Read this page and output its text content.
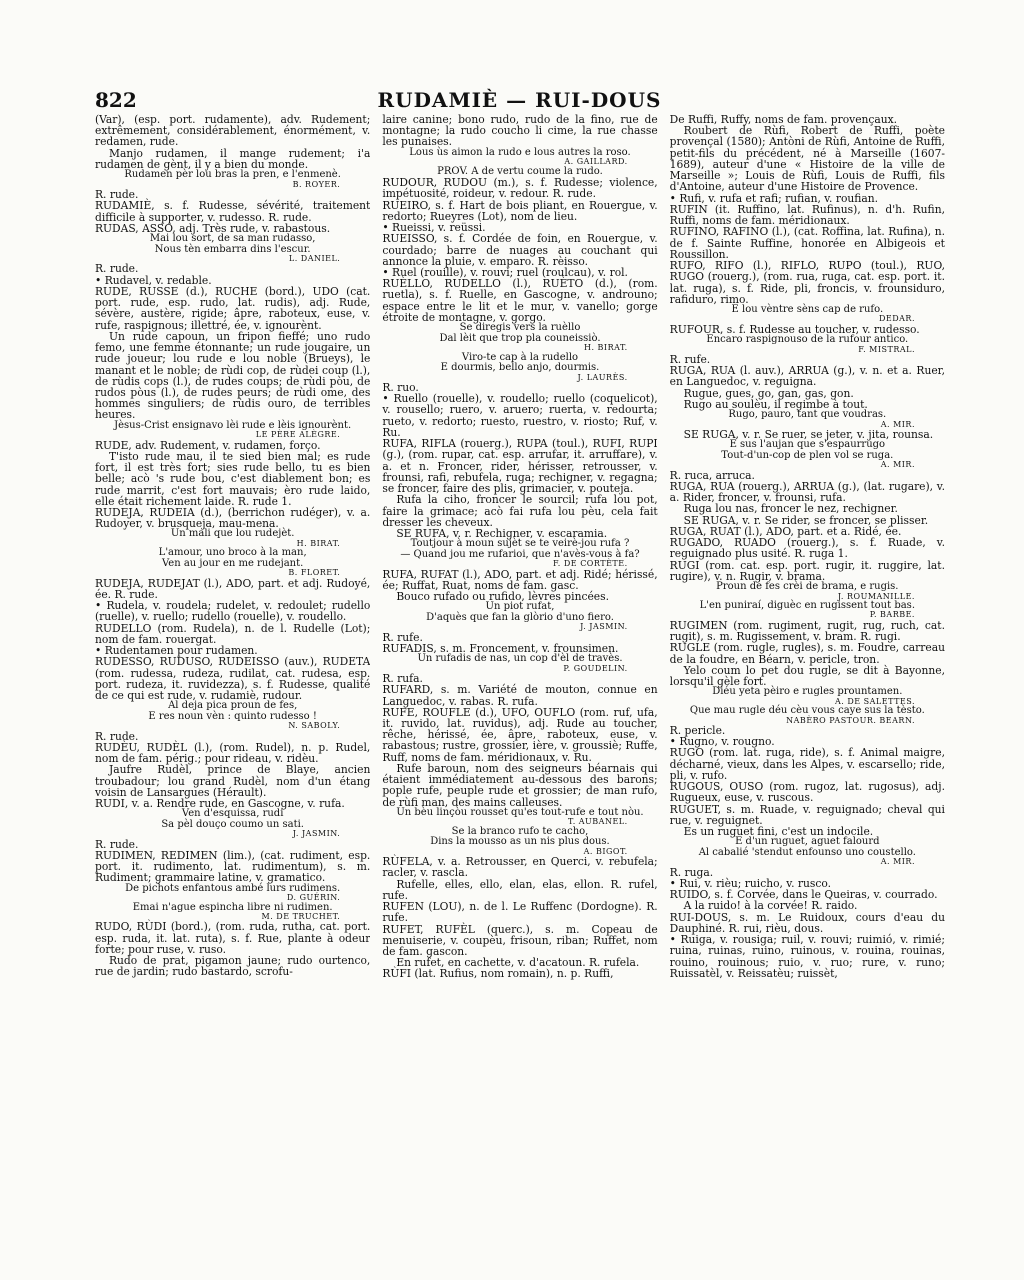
822	RUDAMIÈ — RUI-DOUS

(Var), (esp. port. rudamente), adv. Rudement; extrêmement, considérablement, énormément, v. redamen, rude.

Manjo rudamen, il mange rudement; i'a rudamen de gènt, il y a bien du monde.

Rudamen pèr lou bras la pren, e l'enmenè.

B. ROYER.

R. rude.

RUDAMIÈ, s. f. Rudesse, sévérité, traitement difficile à supporter, v. rudesso. R. rude.

RUDAS, ASSO, adj. Très rude, v. rabastous.

Mai lou sort, de sa man rudasso,

Nous tèn embarra dins l'escur.

L. DANIEL.

R. rude.

• Rudavel, v. redable.

RUDE, RUSSE (d.), RUCHE (bord.), UDO (cat. port. rude, esp. rudo, lat. rudis), adj. Rude, sévère, austère, rigide; âpre, raboteux, euse, v. rufe, raspignous; illettré, ée, v. ignourènt.

Un rude capoun, un fripon fieffé; uno rudo femo, une femme étonnante; un rude jougaire, un rude joueur; lou rude e lou noble (Brueys), le manant et le noble; de rùdi cop, de rùdei coup (l.), de rùdis cops (l.), de rudes coups; de rùdi pòu, de rudos pòus (l.), de rudes peurs; de rùdi ome, des hommes singuliers; de rùdis ouro, de terribles heures.

Jèsus-Crist ensignavo lèi rude e lèis ignourènt.

LE PÈRE ALÈGRE.

RUDE, adv. Rudement, v. rudamen, forço.

T'isto rude mau, il te sied bien mal; es rude fort, il est très fort; sies rude bello, tu es bien belle; acò 's rude bou, c'est diablement bon; es rude marrit, c'est fort mauvais; èro rude laido, elle était richement laide. R. rude 1.

RUDEJA, RUDEIA (d.), (berrichon rudéger), v. a. Rudoyer, v. brusqueja, mau-mena.

Un mali que lou rudejèt.

H. BIRAT.

L'amour, uno broco à la man,

Ven au jour en me rudejant.

B. FLORET.

RUDEJA, RUDEJAT (l.), ADO, part. et adj. Rudoyé, ée. R. rude.

• Rudela, v. roudela; rudelet, v. redoulet; rudello (ruelle), v. ruello; rudello (rouelle), v. roudello.

RUDELLO (rom. Rudela), n. de l. Rudelle (Lot); nom de fam. rouergat.

• Rudentamen pour rudamen.

RUDESSO, RUDUSO, RUDEISSO (auv.), RUDETA (rom. rudessa, rudeza, rudilat, cat. rudesa, esp. port. rudeza, it. ruvidezza), s. f. Rudesse, qualité de ce qui est rude, v. rudamiè, rudour.

Al deja pica proun de fes,

E res noun vèn : quinto rudesso !

N. SABOLY.

R. rude.

RUDÈU, RUDÈL (l.), (rom. Rudel), n. p. Rudel, nom de fam. périg.; pour rideau, v. ridèu.

Jaufre Rudèl, prince de Blaye, ancien troubadour; lou grand Rudèl, nom d'un étang voisin de Lansargues (Hérault).

RUDI, v. a. Rendre rude, en Gascogne, v. rufa.

Ven d'esquissa, rudi

Sa pèl douço coumo un sati.

J. JASMIN.

R. rude.

RUDIMEN, REDIMEN (lim.), (cat. rudiment, esp. port. it. rudimento, lat. rudimentum), s. m. Rudiment; grammaire latine, v. gramatico.

De pichots enfantous ambé lurs rudimens.

D. GUÉRIN.

Emai n'ague espincha libre ni rudimen.

M. DE TRUCHET.

RUDO, RÙDI (bord.), (rom. ruda, rutha, cat. port. esp. ruda, it. lat. ruta), s. f. Rue, plante à odeur forte; pour ruse, v. ruso.

Rudo de prat, pigamon jaune; rudo ourtenco, rue de jardin; rudo bastardo, scrofu-

laire canine; bono rudo, rudo de la fino, rue de montagne; la rudo coucho li cime, la rue chasse les punaises.

Lous ùs aimon la rudo e lous autres la roso.

A. GAILLARD.

PROV. A de vertu coume la rudo.

RUDOUR, RUDOU (m.), s. f. Rudesse; violence, impétuosité, roideur, v. redour. R. rude.

RUEIRO, s. f. Hart de bois pliant, en Rouergue, v. redorto; Rueyres (Lot), nom de lieu.

• Rueissi, v. reüssi.

RUEISSO, s. f. Cordée de foin, en Rouergue, v. courdado; barre de nuages au couchant qui annonce la pluie, v. emparo. R. rèisso.

• Ruel (rouille), v. rouvi; ruel (roulcau), v. rol.

RUÈLLO, RUDELLO (l.), RUÈTO (d.), (rom. ruetla), s. f. Ruelle, en Gascogne, v. androuno; espace entre le lit et le mur, v. vanello; gorge étroite de montagne, v. gorgo.

Se diregis vers la ruèllo

Dal lèit que trop pla couneissiò.

H. BIRAT.

Viro-te cap à la rudello

E dourmis, bello anjo, dourmis.

J. LAURÈS.

R. ruo.

• Ruello (rouelle), v. roudello; ruello (coquelicot), v. rousello; ruero, v. aruero; ruerta, v. redourta; rueto, v. redorto; ruesto, ruestro, v. riosto; Ruf, v. Ru.

RUFA, RIFLA (rouerg.), RUPA (toul.), RUFI, RUPI (g.), (rom. rupar, cat. esp. arrufar, it. arruffare), v. a. et n. Froncer, rider, hérisser, retrousser, v. frounsi, rafi, rebufela, ruga; rechigner, v. regagna; se froncer, faire des plis, grimacier, v. pouteja.

Rufa la ciho, froncer le sourcil; rufa lou pot, faire la grimace; acò fai rufa lou pèu, cela fait dresser les cheveux.

SE RUFA, v. r. Rechigner, v. escaramia.

Toutjour à moun sujèt se te veirè-jou rufa ?

— Quand jou me rufarioi, que n'avès-vous à fa?

F. DE CORTÈTE.

RUFA, RUFAT (l.), ADO, part. et adj. Ridé; hérissé, ée; Ruffat, Ruat, noms de fam. gasc.

Bouco rufado ou rufido, lèvres pincées.

Un piot rufat,

D'aquès que fan la glòrio d'uno fiero.

J. JASMIN.

R. rufe.

RUFADIS, s. m. Froncement, v. frounsimen.

Un rufadis de nas, un cop d'èl de travès.

P. GOUDELIN.

R. rufa.

RUFARD, s. m. Variété de mouton, connue en Languedoc, v. rabas. R. rufa.

RUFE, ROUFLE (d.), UFO, OUFLO (rom. ruf, ufa, it. ruvido, lat. ruvidus), adj. Rude au toucher, rêche, hérissé, ée, âpre, raboteux, euse, v. rabastous; rustre, grossier, ière, v. groussiè; Ruffe, Ruff, noms de fam. méridionaux, v. Ru.

Rufe baroun, nom des seigneurs béarnais qui étaient immédiatement au-dessous des barons; pople rufe, peuple rude et grossier; de man rufo, de rùfi man, des mains calleuses.

Un bèu linçòu rousset qu'es tout-rufe e tout nòu.

T. AUBANEL.

Se la branco rufo te cacho,

Dins la mousso as un nis plus dous.

A. BIGOT.

RÙFELA, v. a. Retrousser, en Querci, v. rebufela; racler, v. rascla.

Rufelle, elles, ello, elan, elas, ellon. R. rufel, rufe.

RUFEN (LOU), n. de l. Le Ruffenc (Dordogne). R. rufe.

RUFET, RUFÈL (querc.), s. m. Copeau de menuiserie, v. coupèu, frisoun, riban; Ruffet, nom de fam. gascon.

En rufet, en cachette, v. d'acatoun. R. rufela.

RÙFI (lat. Rufius, nom romain), n. p. Ruffi,

De Ruffi, Ruffy, noms de fam. provençaux.

Roubert de Rùfi, Robert de Ruffi, poète provençal (1580); Antòni de Rùfi, Antoine de Ruffi, petit-fils du précédent, né à Marseille (1607-1689), auteur d'une « Histoire de la ville de Marseille »; Louis de Rùfi, Louis de Ruffi, fils d'Antoine, auteur d'une Histoire de Provence.

• Rufi, v. rufa et rafi; rufian, v. roufian.

RUFIN (it. Ruffino, lat. Rufinus), n. d'h. Rufin, Ruffi, noms de fam. méridionaux.

RUFINO, RAFINO (l.), (cat. Roffina, lat. Rufina), n. de f. Sainte Ruffine, honorée en Albigeois et Roussillon.

RUFO, RIFO (l.), RIFLO, RUPO (toul.), RUO, RUGO (rouerg.), (rom. rua, ruga, cat. esp. port. it. lat. ruga), s. f. Ride, pli, froncis, v. frounsiduro, rafiduro, rimo.

E lou vèntre sèns cap de rufo.

DEDAR.

RUFOUR, s. f. Rudesse au toucher, v. rudesso.

Encaro raspignouso de la rufour antico.

F. MISTRAL.

R. rufe.

RUGA, RUA (l. auv.), ARRUA (g.), v. n. et a. Ruer, en Languedoc, v. reguigna.

Rugue, gues, go, gan, gas, gon.

Rugo au soulèu, il regimbe à tout.

Rugo, pauro, tant que voudras.

A. MIR.

SE RUGA, v. r. Se ruer, se jeter, v. jita, rounsa.

E sus l'aujan que s'espaurrugo

Tout-d'un-cop de plen vol se ruga.

A. MIR.

R. ruca, arruca.

RUGA, RUA (rouerg.), ARRUA (g.), (lat. rugare), v. a. Rider, froncer, v. frounsi, rufa.

Ruga lou nas, froncer le nez, rechigner.

SE RUGA, v. r. Se rider, se froncer, se plisser.

RUGA, RUAT (l.), ADO, part. et a. Ridé, ée.

RUGADO, RUADO (rouerg.), s. f. Ruade, v. reguignado plus usité. R. ruga 1.

RUGI (rom. cat. esp. port. rugir, it. ruggire, lat. rugire), v. n. Rugir, v. brama.

Proun de fes crèi de brama, e rugis.

J. ROUMANILLE.

L'en puniraí, diguèc en rugissent tout bas.

P. BARBE.

RUGIMEN (rom. rugiment, rugit, rug, ruch, cat. rugit), s. m. Rugissement, v. bram. R. rugi.

RUGLE (rom. rugle, rugles), s. m. Foudre, carreau de la foudre, en Béarn, v. pericle, tron.

Yelo coum lo pet dou rugle, se dit à Bayonne, lorsqu'il gèle fort.

Diéu yeta pèiro e rugles prountamen.

A. DE SALETTES.

Que mau rugle déu cèu vous caye sus la tèsto.

NABÈRO PASTOUR. BEARN.

R. pericle.

• Rugno, v. rougno.

RUGO (rom. lat. ruga, ride), s. f. Animal maigre, décharné, vieux, dans les Alpes, v. escarsello; ride, pli, v. rufo.

RUGOUS, OUSO (rom. rugoz, lat. rugosus), adj. Rugueux, euse, v. ruscous.

RUGUET, s. m. Ruade, v. reguignado; cheval qui rue, v. reguignet.

Es un ruguet fini, c'est un indocile.

E d'un ruguet, aguet falourd

Al cabalié 'stendut enfounso uno coustello.

A. MIR.

R. ruga.

• Rui, v. rièu; ruicho, v. rusco.

RUIDO, s. f. Corvée, dans le Queiras, v. courrado.

A la ruido! à la corvée! R. raido.

RUI-DOUS, s. m. Le Ruidoux, cours d'eau du Dauphiné. R. rui, rièu, dous.

• Ruiga, v. rousiga; ruil, v. rouvi; ruimió, v. rimié; ruina, ruinas, ruino, ruinous, v. rouina, rouinas, rouino, rouinous; ruio, v. ruo; rure, v. runo; Ruissatèl, v. Reissatèu; ruissèt,
